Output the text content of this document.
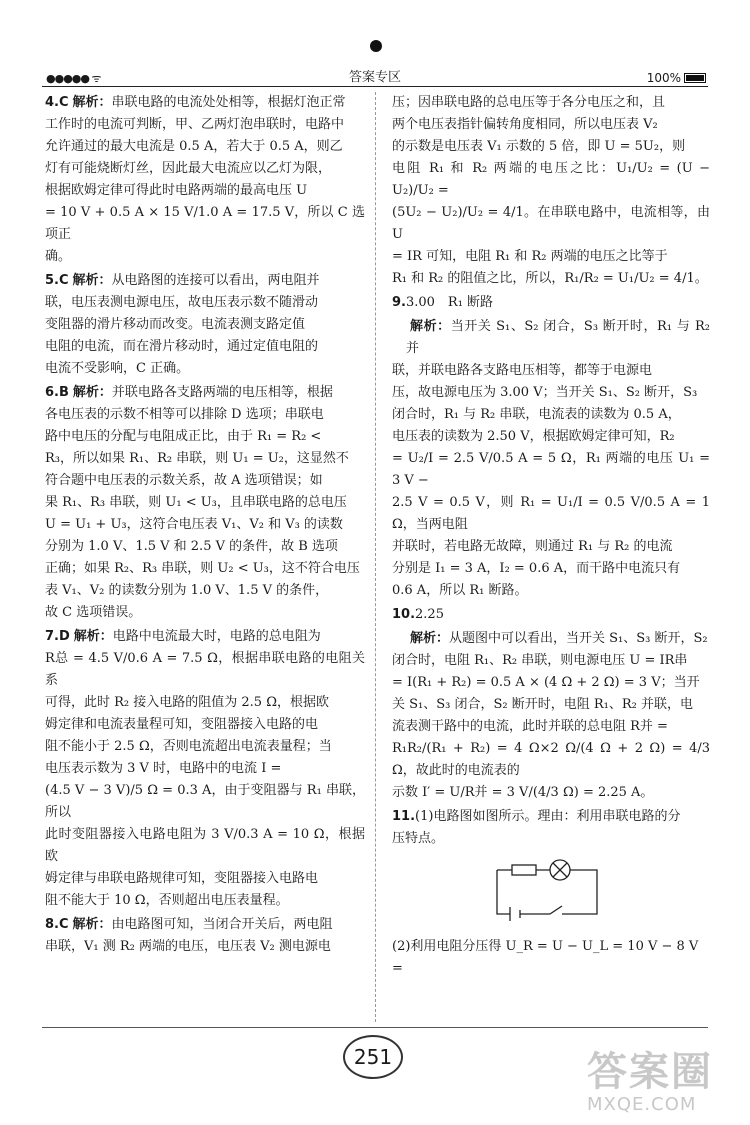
●●●●● ᯤ	答案专区	100%

4.C 解析：串联电路的电流处处相等，根据灯泡正常

工作时的电流可判断，甲、乙两灯泡串联时，电路中

允许通过的最大电流是 0.5 A，若大于 0.5 A，则乙

灯有可能烧断灯丝，因此最大电流应以乙灯为限，

根据欧姆定律可得此时电路两端的最高电压 U

= 10 V + 0.5 A × 15 V/1.0 A = 17.5 V，所以 C 选项正

确。

5.C 解析：从电路图的连接可以看出，两电阻并

联，电压表测电源电压，故电压表示数不随滑动

变阻器的滑片移动而改变。电流表测支路定值

电阻的电流，而在滑片移动时，通过定值电阻的

电流不受影响，C 正确。

6.B 解析：并联电路各支路两端的电压相等，根据

各电压表的示数不相等可以排除 D 选项；串联电

路中电压的分配与电阻成正比，由于 R₁ = R₂ <

R₃，所以如果 R₁、R₂ 串联，则 U₁ = U₂，这显然不

符合题中电压表的示数关系，故 A 选项错误；如

果 R₁、R₃ 串联，则 U₁ < U₃，且串联电路的总电压

U = U₁ + U₃，这符合电压表 V₁、V₂ 和 V₃ 的读数

分别为 1.0 V、1.5 V 和 2.5 V 的条件，故 B 选项

正确；如果 R₂、R₃ 串联，则 U₂ < U₃，这不符合电压

表 V₁、V₂ 的读数分别为 1.0 V、1.5 V 的条件，

故 C 选项错误。

7.D 解析：电路中电流最大时，电路的总电阻为

R总 = 4.5 V/0.6 A = 7.5 Ω，根据串联电路的电阻关系

可得，此时 R₂ 接入电路的阻值为 2.5 Ω，根据欧

姆定律和电流表量程可知，变阻器接入电路的电

阻不能小于 2.5 Ω，否则电流超出电流表量程；当

电压表示数为 3 V 时，电路中的电流 I =

(4.5 V − 3 V)/5 Ω = 0.3 A，由于变阻器与 R₁ 串联，所以

此时变阻器接入电路电阻为 3 V/0.3 A = 10 Ω，根据欧

姆定律与串联电路规律可知，变阻器接入电路电

阻不能大于 10 Ω，否则超出电压表量程。

8.C 解析：由电路图可知，当闭合开关后，两电阻

串联，V₁ 测 R₂ 两端的电压，电压表 V₂ 测电源电

压；因串联电路的总电压等于各分电压之和，且

两个电压表指针偏转角度相同，所以电压表 V₂

的示数是电压表 V₁ 示数的 5 倍，即 U = 5U₂，则

电阻 R₁ 和 R₂ 两端的电压之比：U₁/U₂ = (U − U₂)/U₂ =

(5U₂ − U₂)/U₂ = 4/1。在串联电路中，电流相等，由 U

= IR 可知，电阻 R₁ 和 R₂ 两端的电压之比等于

R₁ 和 R₂ 的阻值之比，所以，R₁/R₂ = U₁/U₂ = 4/1。

9.3.00　R₁ 断路

解析：当开关 S₁、S₂ 闭合，S₃ 断开时，R₁ 与 R₂ 并

联，并联电路各支路电压相等，都等于电源电

压，故电源电压为 3.00 V；当开关 S₁、S₂ 断开，S₃

闭合时，R₁ 与 R₂ 串联，电流表的读数为 0.5 A，

电压表的读数为 2.50 V，根据欧姆定律可知，R₂

= U₂/I = 2.5 V/0.5 A = 5 Ω，R₁ 两端的电压 U₁ = 3 V −

2.5 V = 0.5 V，则 R₁ = U₁/I = 0.5 V/0.5 A = 1 Ω，当两电阻

并联时，若电路无故障，则通过 R₁ 与 R₂ 的电流

分别是 I₁ = 3 A，I₂ = 0.6 A，而干路中电流只有

0.6 A，所以 R₁ 断路。

10.2.25

解析：从题图中可以看出，当开关 S₁、S₃ 断开，S₂

闭合时，电阻 R₁、R₂ 串联，则电源电压 U = IR串

= I(R₁ + R₂) = 0.5 A × (4 Ω + 2 Ω) = 3 V；当开

关 S₁、S₃ 闭合，S₂ 断开时，电阻 R₁、R₂ 并联，电

流表测干路中的电流，此时并联的总电阻 R并 =

R₁R₂/(R₁ + R₂) = 4 Ω×2 Ω/(4 Ω + 2 Ω) = 4/3 Ω，故此时的电流表的

示数 I′ = U/R并 = 3 V/(4/3 Ω) = 2.25 A。

11.(1)电路图如图所示。理由：利用串联电路的分

压特点。

(2)利用电阻分压得 U_R = U − U_L = 10 V − 8 V =

251	答案圈
MXQE.COM
